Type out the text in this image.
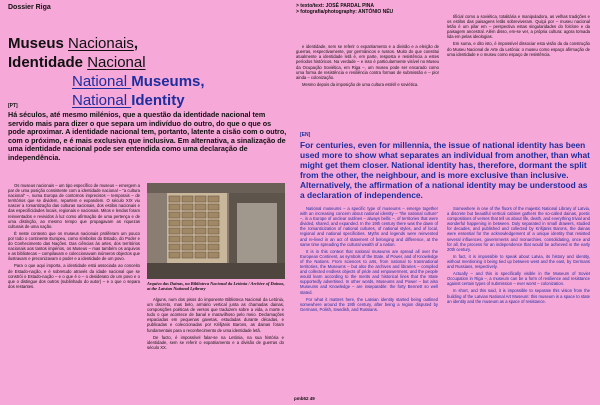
Dossier Riga
Museus Nacionais,
Identidade Nacional
National Museums,
National Identity
> texto/text: JOSÉ PARDAL PINA
> fotografia/photography: ANTÓNIO NÉU

e identidade, sem se referir o expatriamento e a divisão e a eleição de guerras, respectivamente, por germânicos e russos. Muito do que constitui atualmente a identidade letã é, em parte, resposta e resistência a estes períodos históricos. Na verdade – e isso é particularmente visível no Museu da Ocupação Soviética, em Riga –, um museu pode ser encarado como uma forma de resistência e resiliência contra formas de submissão e – pior ainda – colonização.

Mesmo depois da imposição de uma cultura estéril e soviética.

tificial como a soviética, totalitária e manipuladora, as velhas tradições e os estilos das paisagens letãs sobreviveram. Quiçá por – museu nacional letão é um pilar em – perspectiva estas singularidades do folclore e da paisagem ancestral. Além disso, em-se ver, a própria cultura: agora tomada lida em pelas ideologias.

Em suma, e dito isto, é impossível dissociar esta visão da da construção do Museu Nacional de Arte da Letónia: o museu como espaço afirmação de uma identidade e o museu como espaço de resistência.

[PT]
Há séculos, até mesmo milénios, que a questão da identidade nacional tem servido mais para dizer o que separa um indivíduo do outro, do que o que os pode aproximar. A identidade nacional tem, portanto, latente a cisão com o outro, com o próximo, e é mais exclusiva que inclusiva. Em alternativa, a sinalização de uma identidade nacional pode ser entendida como uma declaração de independência.

Os museus nacionais – um tipo específico de museus – emergem a par de uma posição consistente com a identidade nacional – “a cultura nacional” –, numa Europa de contornos imprecisos – temporais – de territórios que se dividem, repartem e expandem. O século XIX viu nascer a romantização das culturas nacionais, dos estilos nacionais e das especificidades locais, regionais e nacionais. Mitos e lendas foram reinventados e revividos à luz como afirmação de uma pertença e de uma distinção, ao mesmo tempo que propagavam as riquezas culturais de uma nação.

É neste contexto que os museus nacionais proliferam um pouco por todo o continente Europeu, como símbolos do Estado, do Poder e do Conhecimento das Nações. Das ciências às artes, dos territórios nacionais aos tantos impérios, os Museus – mas também os arquivos e as bibliotecas – compilavam e coleccionavam inúmeros objectos que ilustravam e preconizavam o poder e a identidade de um povo.

Para o que aqui importa, a identidade está associada ao conceito de Estado-nação, e é sobretudo através da idade nacional que se constrói o Estado-nação – e o que é o – o desiderato de um povo e o que o distingue dos outros (sublinhado do autor) – e o que o separa dos restantes.

Arquivo das Dainas, na Biblioteca Nacional da Letónia / Archive of Dainas, at the Latvian National Lyibrary

Alguns, num dos pisos do imponente Biblioteca Nacional da Letónia, um discreto, mas belo, armário vertical junta as chamadas dainas, composições poéticas de versos que traduzem sobre a vida, a morte e tudo o que acontece de banal e maravilhoso pelo meio. Declamações espaciadas em pequenas gavetas, estudadas durante décadas, e publicadas e coleccionadas por Krišjānis Barons, as dainas foram fundamentais para o reconhecimento de uma identidade letã.

De facto, é impossível falar-se na Letónia, na sua história e identidade, sem se referir o expatriamento e a divisão de guerras do século XX.

[EN]
For centuries, even for millennia, the issue of national identity has been used more to show what separates an individual from another, than what might get them closer. National identity has, therefore, dormant the split from the other, the neighbour, and is more exclusive than inclusive. Alternatively, the affirmation of a national identity may be understood as a declaration of independence.

National museums – a specific type of museums – emerge together with an increasing concern about national identity – “the national culture” –, in a Europe of unclear outlines – always bellic –, of territories that were divided, shared, and expanded. In the 19th century there was the dawn of the romanticization of national cultures, of national styles, and of local, regional and national specificities. Myths and legends were reinvented and re-lived in an act of statement of belonging and difference, at the same time spreading the cultural wealth of a nation.

It is in this context that national museums are spread all over the European Continent, as symbols of the State, of Power, and of Knowledge of the Nations. From sciences to arts, from national to transnational territories, the Museums – but also the archives and libraries – compiled and collected endless objects of pride and empowerment, and the people would learn according to the merits and historical lines that the State supportedly advertised. In other words, Museums and Power – but also Museums and Knowledge – are inseparable: the forty Bennett so well stated.

For what it matters here, the Latvian identity started being outlined somewhere around the 19th century, after being a region disputed by Germans, Polish, Swedish, and Russians.

Somewhere in one of the floors of the majestic National Library of Latvia, a discrete but beautiful vertical cabinet gathers the so-called dainas, poetic compositions of verses that tell us about life, death, and everything trivial and wonderful happening in between. Duly separated in small drawers, studied for decades, and published and collected by Krišjānis Barons, the dainas were essential for the acknowledgement of a unique identity that resisted several influences, governments and monarchies, consolidating, once and for all, the process for an independence that would be achieved in the early 20th century.

In fact, it is impossible to speak about Latvia, its history and identity, without mentioning it being tied up between west and the east, by Germans and Russians, respectively.

Actually – and this is specifically visible in the Museum of Soviet Occupation in Riga –, a museum can be a form of resilience and resistance against certain types of submission – ever worst – colonization.

In short, and this said, it is impossible to separate this vision from the building of the Latvian National Art Museum: this museum is a space to state an identity and the museum as a space of resistance.

pmb52 49
